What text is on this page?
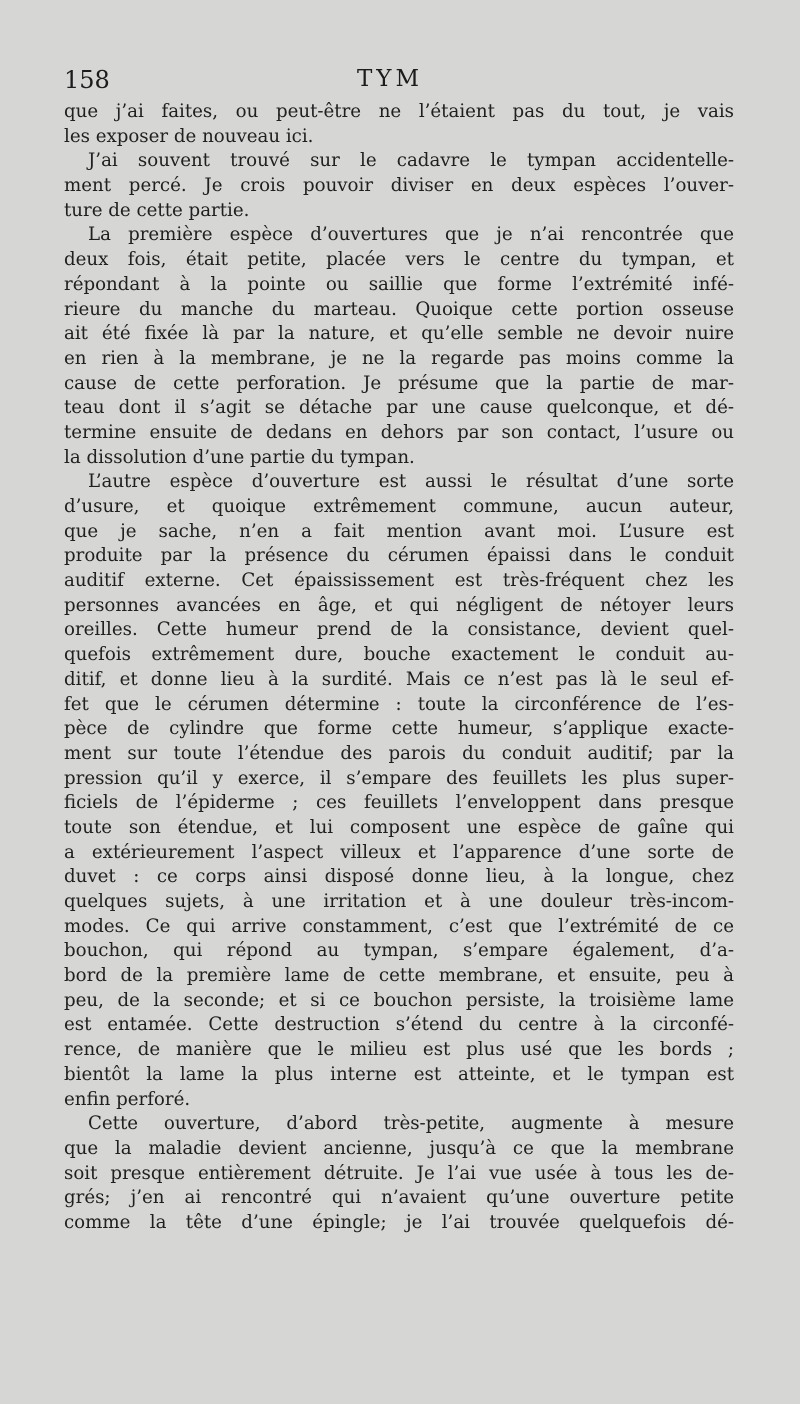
158	TYM
que j’ai faites, ou peut-être ne l’étaient pas du tout, je vais
les exposer de nouveau ici.
J’ai souvent trouvé sur le cadavre le tympan accidentelle-
ment percé. Je crois pouvoir diviser en deux espèces l’ouver-
ture de cette partie.
La première espèce d’ouvertures que je n’ai rencontrée que
deux fois, était petite, placée vers le centre du tympan, et
répondant à la pointe ou saillie que forme l’extrémité infé-
rieure du manche du marteau. Quoique cette portion osseuse
ait été fixée là par la nature, et qu’elle semble ne devoir nuire
en rien à la membrane, je ne la regarde pas moins comme la
cause de cette perforation. Je présume que la partie de mar-
teau dont il s’agit se détache par une cause quelconque, et dé-
termine ensuite de dedans en dehors par son contact, l’usure ou
la dissolution d’une partie du tympan.
L’autre espèce d’ouverture est aussi le résultat d’une sorte
d’usure, et quoique extrêmement commune, aucun auteur,
que je sache, n’en a fait mention avant moi. L’usure est
produite par la présence du cérumen épaissi dans le conduit
auditif externe. Cet épaississement est très-fréquent chez les
personnes avancées en âge, et qui négligent de nétoyer leurs
oreilles. Cette humeur prend de la consistance, devient quel-
quefois extrêmement dure, bouche exactement le conduit au-
ditif, et donne lieu à la surdité. Mais ce n’est pas là le seul ef-
fet que le cérumen détermine : toute la circonférence de l’es-
pèce de cylindre que forme cette humeur, s’applique exacte-
ment sur toute l’étendue des parois du conduit auditif; par la
pression qu’il y exerce, il s’empare des feuillets les plus super-
ficiels de l’épiderme ; ces feuillets l’enveloppent dans presque
toute son étendue, et lui composent une espèce de gaîne qui
a extérieurement l’aspect villeux et l’apparence d’une sorte de
duvet : ce corps ainsi disposé donne lieu, à la longue, chez
quelques sujets, à une irritation et à une douleur très-incom-
modes. Ce qui arrive constamment, c’est que l’extrémité de ce
bouchon, qui répond au tympan, s’empare également, d’a-
bord de la première lame de cette membrane, et ensuite, peu à
peu, de la seconde; et si ce bouchon persiste, la troisième lame
est entamée. Cette destruction s’étend du centre à la circonfé-
rence, de manière que le milieu est plus usé que les bords ;
bientôt la lame la plus interne est atteinte, et le tympan est
enfin perforé.
Cette ouverture, d’abord très-petite, augmente à mesure
que la maladie devient ancienne, jusqu’à ce que la membrane
soit presque entièrement détruite. Je l’ai vue usée à tous les de-
grés; j’en ai rencontré qui n’avaient qu’une ouverture petite
comme la tête d’une épingle; je l’ai trouvée quelquefois dé-
